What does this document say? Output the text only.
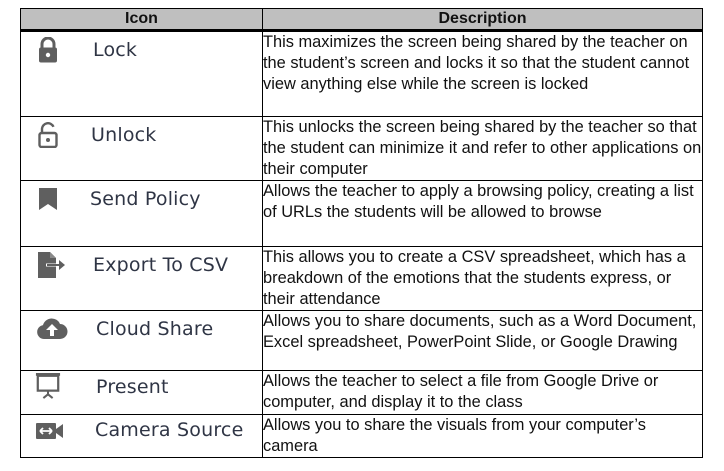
Icon	Description

Lock	This maximizes the screen being shared by the teacher on the student’s screen and locks it so that the student cannot view anything else while the screen is locked

Unlock	This unlocks the screen being shared by the teacher so that the student can minimize it and refer to other applications on their computer

Send Policy	Allows the teacher to apply a browsing policy, creating a list of URLs the students will be allowed to browse

Export To CSV	This allows you to create a CSV spreadsheet, which has a breakdown of the emotions that the students express, or their attendance

Cloud Share	Allows you to share documents, such as a Word Document, Excel spreadsheet, PowerPoint Slide, or Google Drawing

Present	Allows the teacher to select a file from Google Drive or computer, and display it to the class

Camera Source	Allows you to share the visuals from your computer’s camera
